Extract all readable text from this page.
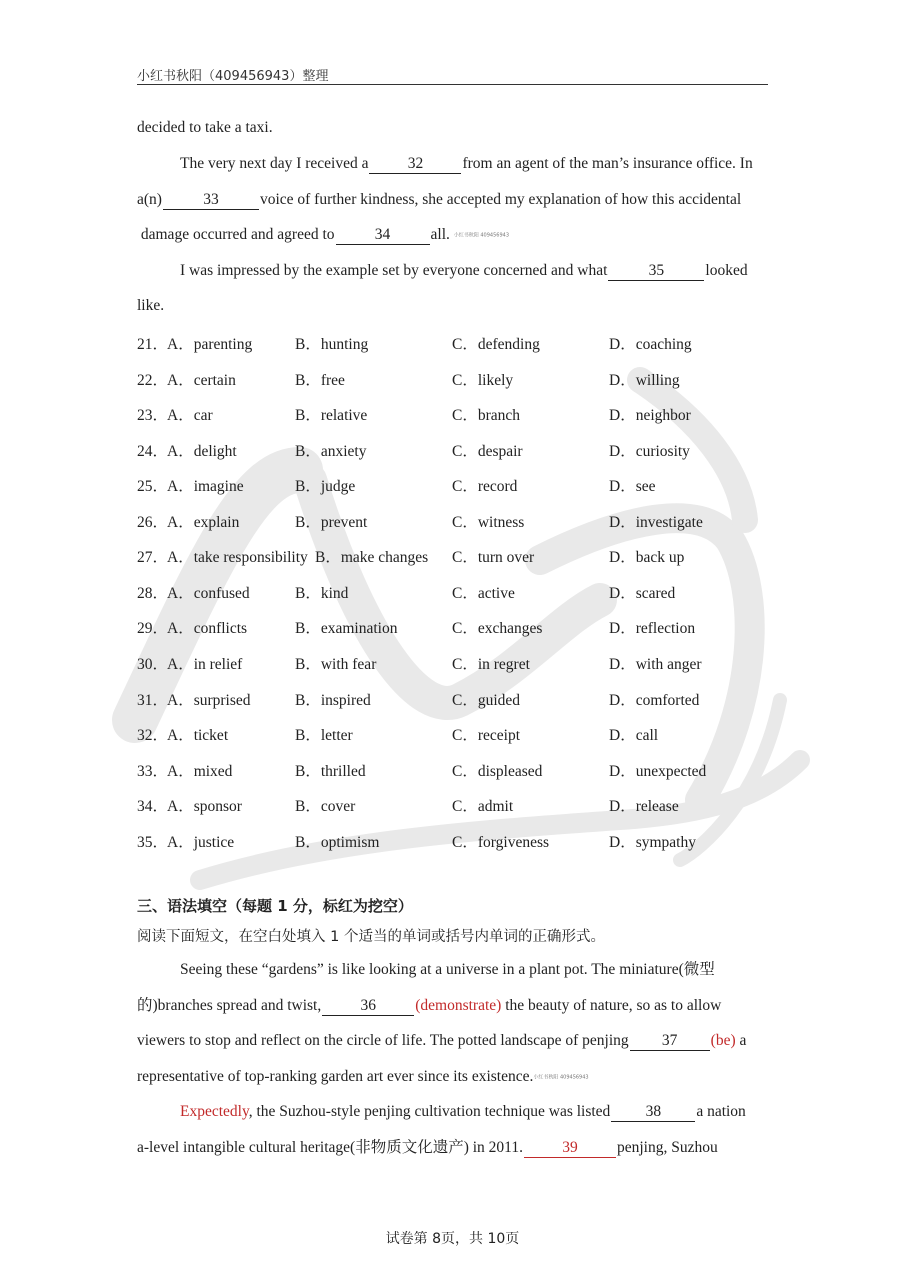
小红书秋阳（409456943）整理
decided to take a taxi.
The very next day I received a	32	from an agent of the man’s insurance office. In
a(n)	33	voice of further kindness, she accepted my explanation of how this accidental
damage occurred and agreed to	34	all. 小红书秋阳 409456943
I was impressed by the example set by everyone concerned and what	35	looked
like.
21．
A．parenting	B．hunting	C．defending	D．coaching
22．
A．certain	B．free	C．likely	D．willing
23．
A．car	B．relative	C．branch	D．neighbor
24．
A．delight	B．anxiety	C．despair	D．curiosity
25．
A．imagine	B．judge	C．record	D．see
26．
A．explain	B．prevent	C．witness	D．investigate
27．
A．take responsibility B．make changes C．turn over	D．back up
28．
A．confused	B．kind	C．active	D．scared
29．
A．conflicts	B．examination	C．exchanges	D．reflection
30．
A．in relief	B．with fear	C．in regret	D．with anger
31．
A．surprised	B．inspired	C．guided	D．comforted
32．
A．ticket	B．letter	C．receipt	D．call
33．
A．mixed	B．thrilled	C．displeased	D．unexpected
34．
A．sponsor	B．cover	C．admit	D．release
35．
A．justice	B．optimism	C．forgiveness	D．sympathy
三、语法填空（每题 1 分，标红为挖空）
阅读下面短文，在空白处填入 1 个适当的单词或括号内单词的正确形式。
Seeing these “gardens” is like looking at a universe in a plant pot. The miniature(微型
的)branches spread and twist,	36	(demonstrate) the beauty of nature, so as to allow
viewers to stop and reflect on the circle of life. The potted landscape of penjing 37 (be) a
representative of top-ranking garden art ever since its existence.小红书秋阳 409456943
Expectedly, the Suzhou-style penjing cultivation technique was listed 38 a nation
a-level intangible cultural heritage(非物质文化遗产) in 2011.	39	penjing, Suzhou
试卷第 8页，共 10页
